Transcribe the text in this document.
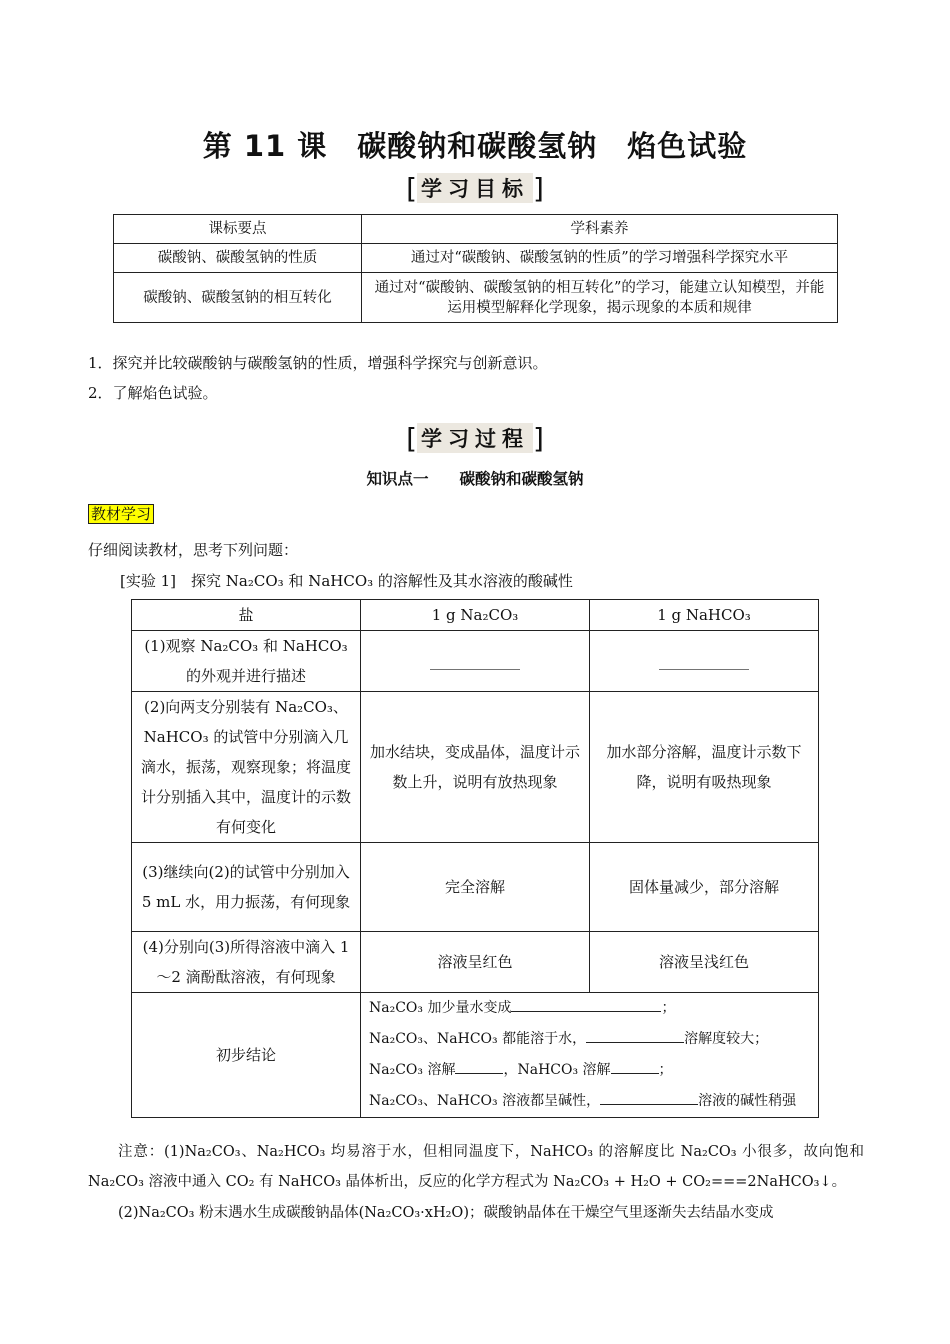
第 11 课　碳酸钠和碳酸氢钠　焰色试验
[ 学习目标 ]
课标要点	学科素养
碳酸钠、碳酸氢钠的性质	通过对“碳酸钠、碳酸氢钠的性质”的学习增强科学探究水平
碳酸钠、碳酸氢钠的相互转化	通过对“碳酸钠、碳酸氢钠的相互转化”的学习，能建立认知模型，并能运用模型解释化学现象，揭示现象的本质和规律
1．探究并比较碳酸钠与碳酸氢钠的性质，增强科学探究与创新意识。
2．了解焰色试验。
[ 学习过程 ]
知识点一　　碳酸钠和碳酸氢钠
教材学习
仔细阅读教材，思考下列问题：
[实验 1]　探究 Na₂CO₃ 和 NaHCO₃ 的溶解性及其水溶液的酸碱性
盐	1 g Na₂CO₃	1 g NaHCO₃
(1)观察 Na₂CO₃ 和 NaHCO₃ 的外观并进行描述	____________	____________
(2)向两支分别装有 Na₂CO₃、NaHCO₃ 的试管中分别滴入几滴水，振荡，观察现象；将温度计分别插入其中，温度计的示数有何变化	加水结块，变成晶体，温度计示数上升，说明有放热现象	加水部分溶解，温度计示数下降，说明有吸热现象
(3)继续向(2)的试管中分别加入 5 mL 水，用力振荡，有何现象	完全溶解	固体量减少，部分溶解
(4)分别向(3)所得溶液中滴入 1～2 滴酚酞溶液，有何现象	溶液呈红色	溶液呈浅红色
初步结论	Na₂CO₃ 加少量水变成 ；
Na₂CO₃、NaHCO₃ 都能溶于水， 溶解度较大；
Na₂CO₃ 溶解 ，NaHCO₃ 溶解 ；
Na₂CO₃、NaHCO₃ 溶液都呈碱性， 溶液的碱性稍强	
注意：(1)Na₂CO₃、Na₂HCO₃ 均易溶于水，但相同温度下，NaHCO₃ 的溶解度比 Na₂CO₃ 小很多，故向饱和 Na₂CO₃ 溶液中通入 CO₂ 有 NaHCO₃ 晶体析出，反应的化学方程式为 Na₂CO₃ + H₂O + CO₂===2NaHCO₃↓。
(2)Na₂CO₃ 粉末遇水生成碳酸钠晶体(Na₂CO₃·xH₂O)；碳酸钠晶体在干燥空气里逐渐失去结晶水变成
